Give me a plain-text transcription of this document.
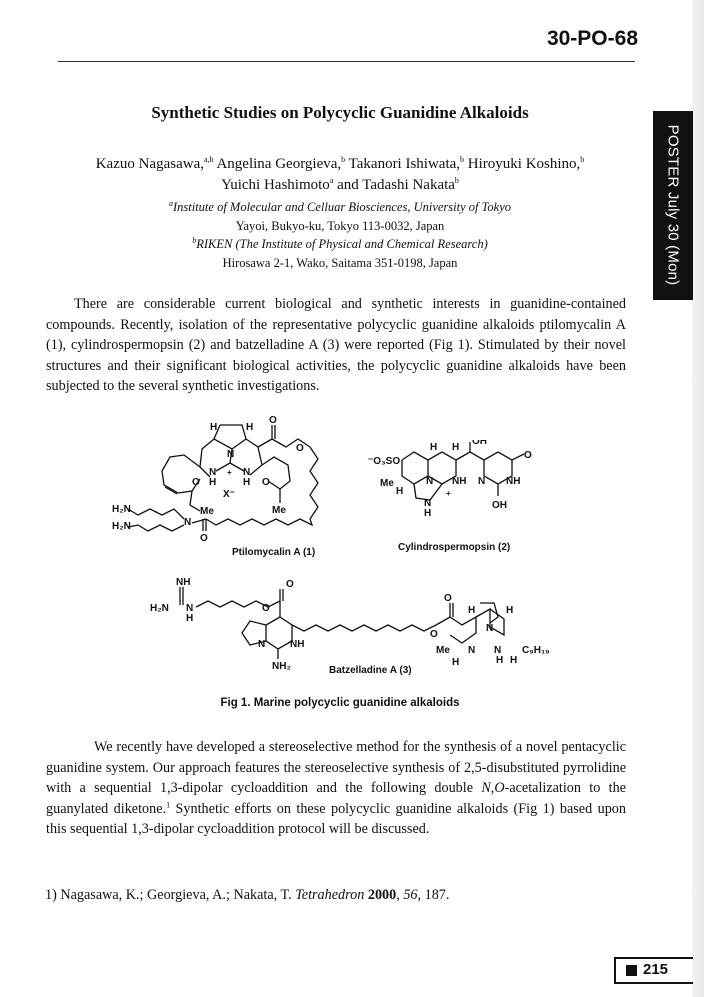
30-PO-68
POSTER July 30 (Mon)
Synthetic Studies on Polycyclic Guanidine Alkaloids
Kazuo Nagasawa,$^{a,b}$ Angelina Georgieva,$^b$ Takanori Ishiwata,$^b$ Hiroyuki Koshino,$^b$
Yuichi Hashimoto$^a$ and Tadashi Nakata$^b$
$^a$Institute of Molecular and Celluar Biosciences, University of Tokyo
Yayoi, Bukyo-ku, Tokyo 113-0032, Japan
$^b$RIKEN (The Institute of Physical and Chemical Research)
Hirosawa 2-1, Wako, Saitama 351-0198, Japan
There are considerable current biological and synthetic interests in guanidine-contained compounds. Recently, isolation of the representative polycyclic guanidine alkaloids ptilomycalin A (1), cylindrospermopsin (2) and batzelladine A (3) were reported (Fig 1). Stimulated by their novel structures and their significant biological activities, the polycyclic guanidine alkaloids have been subjected to the several synthetic investigations.
H	H
N
N	N
H	H
+
O	O
O
X⁻
Me
Me
H₂N
H₂N	N
O
O
Ptilomycalin A (1)
⁻O₃SO
Me
H
H H
OH
N NH
N
H
+
N NH
O
OH
Cylindrospermopsin (2)
NH
H₂N N
H
O
O
N NH
NH₂
O
O
H	H
N
Me
H
N N
H H
C₉H₁₉
Batzelladine A (3)
Fig 1. Marine polycyclic guanidine alkaloids
We recently have developed a stereoselective method for the synthesis of a novel pentacyclic guanidine system. Our approach features the stereoselective synthesis of 2,5-disubstituted pyrrolidine with a sequential 1,3-dipolar cycloaddition and the following double N,O-acetalization to the guanylated diketone.$^1$ Synthetic efforts on these polycyclic guanidine alkaloids (Fig 1) based upon this sequential 1,3-dipolar cycloaddition protocol will be discussed.
1) Nagasawa, K.; Georgieva, A.; Nakata, T. Tetrahedron 2000, 56, 187.
215
